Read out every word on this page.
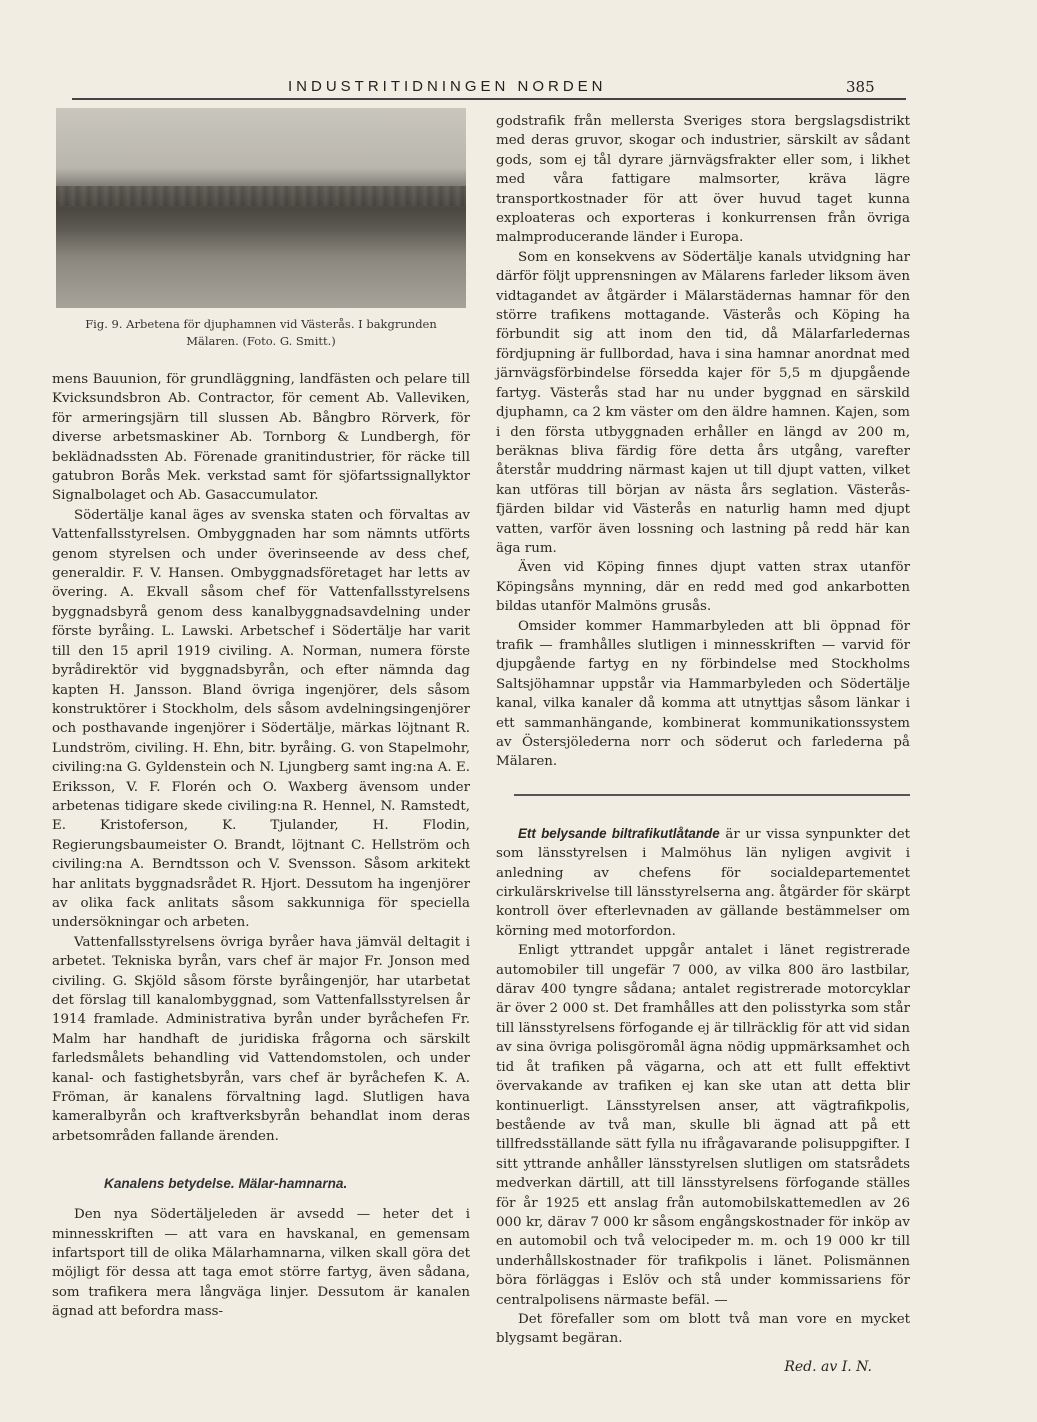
INDUSTRITIDNINGEN NORDEN	385
Fig. 9. Arbetena för djuphamnen vid Västerås. I bakgrunden
Mälaren. (Foto. G. Smitt.)

mens Bauunion, för grundläggning, landfästen och pelare till Kvicksundsbron Ab. Contractor, för cement Ab. Valleviken, för armeringsjärn till slussen Ab. Bångbro Rörverk, för diverse arbetsmaskiner Ab. Tornborg & Lundbergh, för beklädnadssten Ab. Förenade granitindustrier, för räcke till gatubron Borås Mek. verkstad samt för sjöfartssignallyktor Signalbolaget och Ab. Gasaccumulator.

Södertälje kanal äges av svenska staten och förvaltas av Vattenfallsstyrelsen. Ombyggnaden har som nämnts utförts genom styrelsen och under överinseende av dess chef, generaldir. F. V. Hansen. Ombyggnadsföretaget har letts av övering. A. Ekvall såsom chef för Vattenfallsstyrelsens byggnadsbyrå genom dess kanalbyggnadsavdelning under förste byråing. L. Lawski. Arbetschef i Södertälje har varit till den 15 april 1919 civiling. A. Norman, numera förste byrådirektör vid byggnadsbyrån, och efter nämnda dag kapten H. Jansson. Bland övriga ingenjörer, dels såsom konstruktörer i Stockholm, dels såsom avdelningsingenjörer och posthavande ingenjörer i Södertälje, märkas löjtnant R. Lundström, civiling. H. Ehn, bitr. byråing. G. von Stapelmohr, civiling:na G. Gyldenstein och N. Ljungberg samt ing:na A. E. Eriksson, V. F. Florén och O. Waxberg ävensom under arbetenas tidigare skede civiling:na R. Hennel, N. Ramstedt, E. Kristoferson, K. Tjulander, H. Flodin, Regierungsbaumeister O. Brandt, löjtnant C. Hellström och civiling:na A. Berndtsson och V. Svensson. Såsom arkitekt har anlitats byggnadsrådet R. Hjort. Dessutom ha ingenjörer av olika fack anlitats såsom sakkunniga för speciella undersökningar och arbeten.

Vattenfallsstyrelsens övriga byråer hava jämväl deltagit i arbetet. Tekniska byrån, vars chef är major Fr. Jonson med civiling. G. Skjöld såsom förste byråingenjör, har utarbetat det förslag till kanalombyggnad, som Vattenfallsstyrelsen år 1914 framlade. Administrativa byrån under byråchefen Fr. Malm har handhaft de juridiska frågorna och särskilt farledsmålets behandling vid Vattendomstolen, och under kanal- och fastighetsbyrån, vars chef är byråchefen K. A. Fröman, är kanalens förvaltning lagd. Slutligen hava kameralbyrån och kraftverksbyrån behandlat inom deras arbetsområden fallande ärenden.

Kanalens betydelse. Mälar-hamnarna.

Den nya Södertäljeleden är avsedd — heter det i minnesskriften — att vara en havskanal, en gemensam infartsport till de olika Mälarhamnarna, vilken skall göra det möjligt för dessa att taga emot större fartyg, även sådana, som trafikera mera långväga linjer. Dessutom är kanalen ägnad att befordra mass-

godstrafik från mellersta Sveriges stora bergslagsdistrikt med deras gruvor, skogar och industrier, särskilt av sådant gods, som ej tål dyrare järnvägsfrakter eller som, i likhet med våra fattigare malmsorter, kräva lägre transportkostnader för att över huvud taget kunna exploateras och exporteras i konkurrensen från övriga malmproducerande länder i Europa.

Som en konsekvens av Södertälje kanals utvidgning har därför följt upprensningen av Mälarens farleder liksom även vidtagandet av åtgärder i Mälarstädernas hamnar för den större trafikens mottagande. Västerås och Köping ha förbundit sig att inom den tid, då Mälarfarledernas fördjupning är fullbordad, hava i sina hamnar anordnat med järnvägsförbindelse försedda kajer för 5,5 m djupgående fartyg. Västerås stad har nu under byggnad en särskild djuphamn, ca 2 km väster om den äldre hamnen. Kajen, som i den första utbyggnaden erhåller en längd av 200 m, beräknas bliva färdig före detta års utgång, varefter återstår muddring närmast kajen ut till djupt vatten, vilket kan utföras till början av nästa års seglation. Västerås-fjärden bildar vid Västerås en naturlig hamn med djupt vatten, varför även lossning och lastning på redd här kan äga rum.

Även vid Köping finnes djupt vatten strax utanför Köpingsåns mynning, där en redd med god ankarbotten bildas utanför Malmöns grusås.

Omsider kommer Hammarbyleden att bli öppnad för trafik — framhålles slutligen i minnesskriften — varvid för djupgående fartyg en ny förbindelse med Stockholms Saltsjöhamnar uppstår via Hammarbyleden och Södertälje kanal, vilka kanaler då komma att utnyttjas såsom länkar i ett sammanhängande, kombinerat kommunikationssystem av Östersjölederna norr och söderut och farlederna på Mälaren.

Ett belysande biltrafikutlåtande är ur vissa synpunkter det som länsstyrelsen i Malmöhus län nyligen avgivit i anledning av chefens för socialdepartementet cirkulärskrivelse till länsstyrelserna ang. åtgärder för skärpt kontroll över efterlevnaden av gällande bestämmelser om körning med motorfordon.

Enligt yttrandet uppgår antalet i länet registrerade automobiler till ungefär 7 000, av vilka 800 äro lastbilar, därav 400 tyngre sådana; antalet registrerade motorcyklar är över 2 000 st. Det framhålles att den polisstyrka som står till länsstyrelsens förfogande ej är tillräcklig för att vid sidan av sina övriga polisgöromål ägna nödig uppmärksamhet och tid åt trafiken på vägarna, och att ett fullt effektivt övervakande av trafiken ej kan ske utan att detta blir kontinuerligt. Länsstyrelsen anser, att vägtrafikpolis, bestående av två man, skulle bli ägnad att på ett tillfredsställande sätt fylla nu ifrågavarande polisuppgifter. I sitt yttrande anhåller länsstyrelsen slutligen om statsrådets medverkan därtill, att till länsstyrelsens förfogande ställes för år 1925 ett anslag från automobilskattemedlen av 26 000 kr, därav 7 000 kr såsom engångskostnader för inköp av en automobil och två velocipeder m. m. och 19 000 kr till underhållskostnader för trafikpolis i länet. Polismännen böra förläggas i Eslöv och stå under kommissariens för centralpolisens närmaste befäl. —

Det förefaller som om blott två man vore en mycket blygsamt begäran.

Red. av I. N.
